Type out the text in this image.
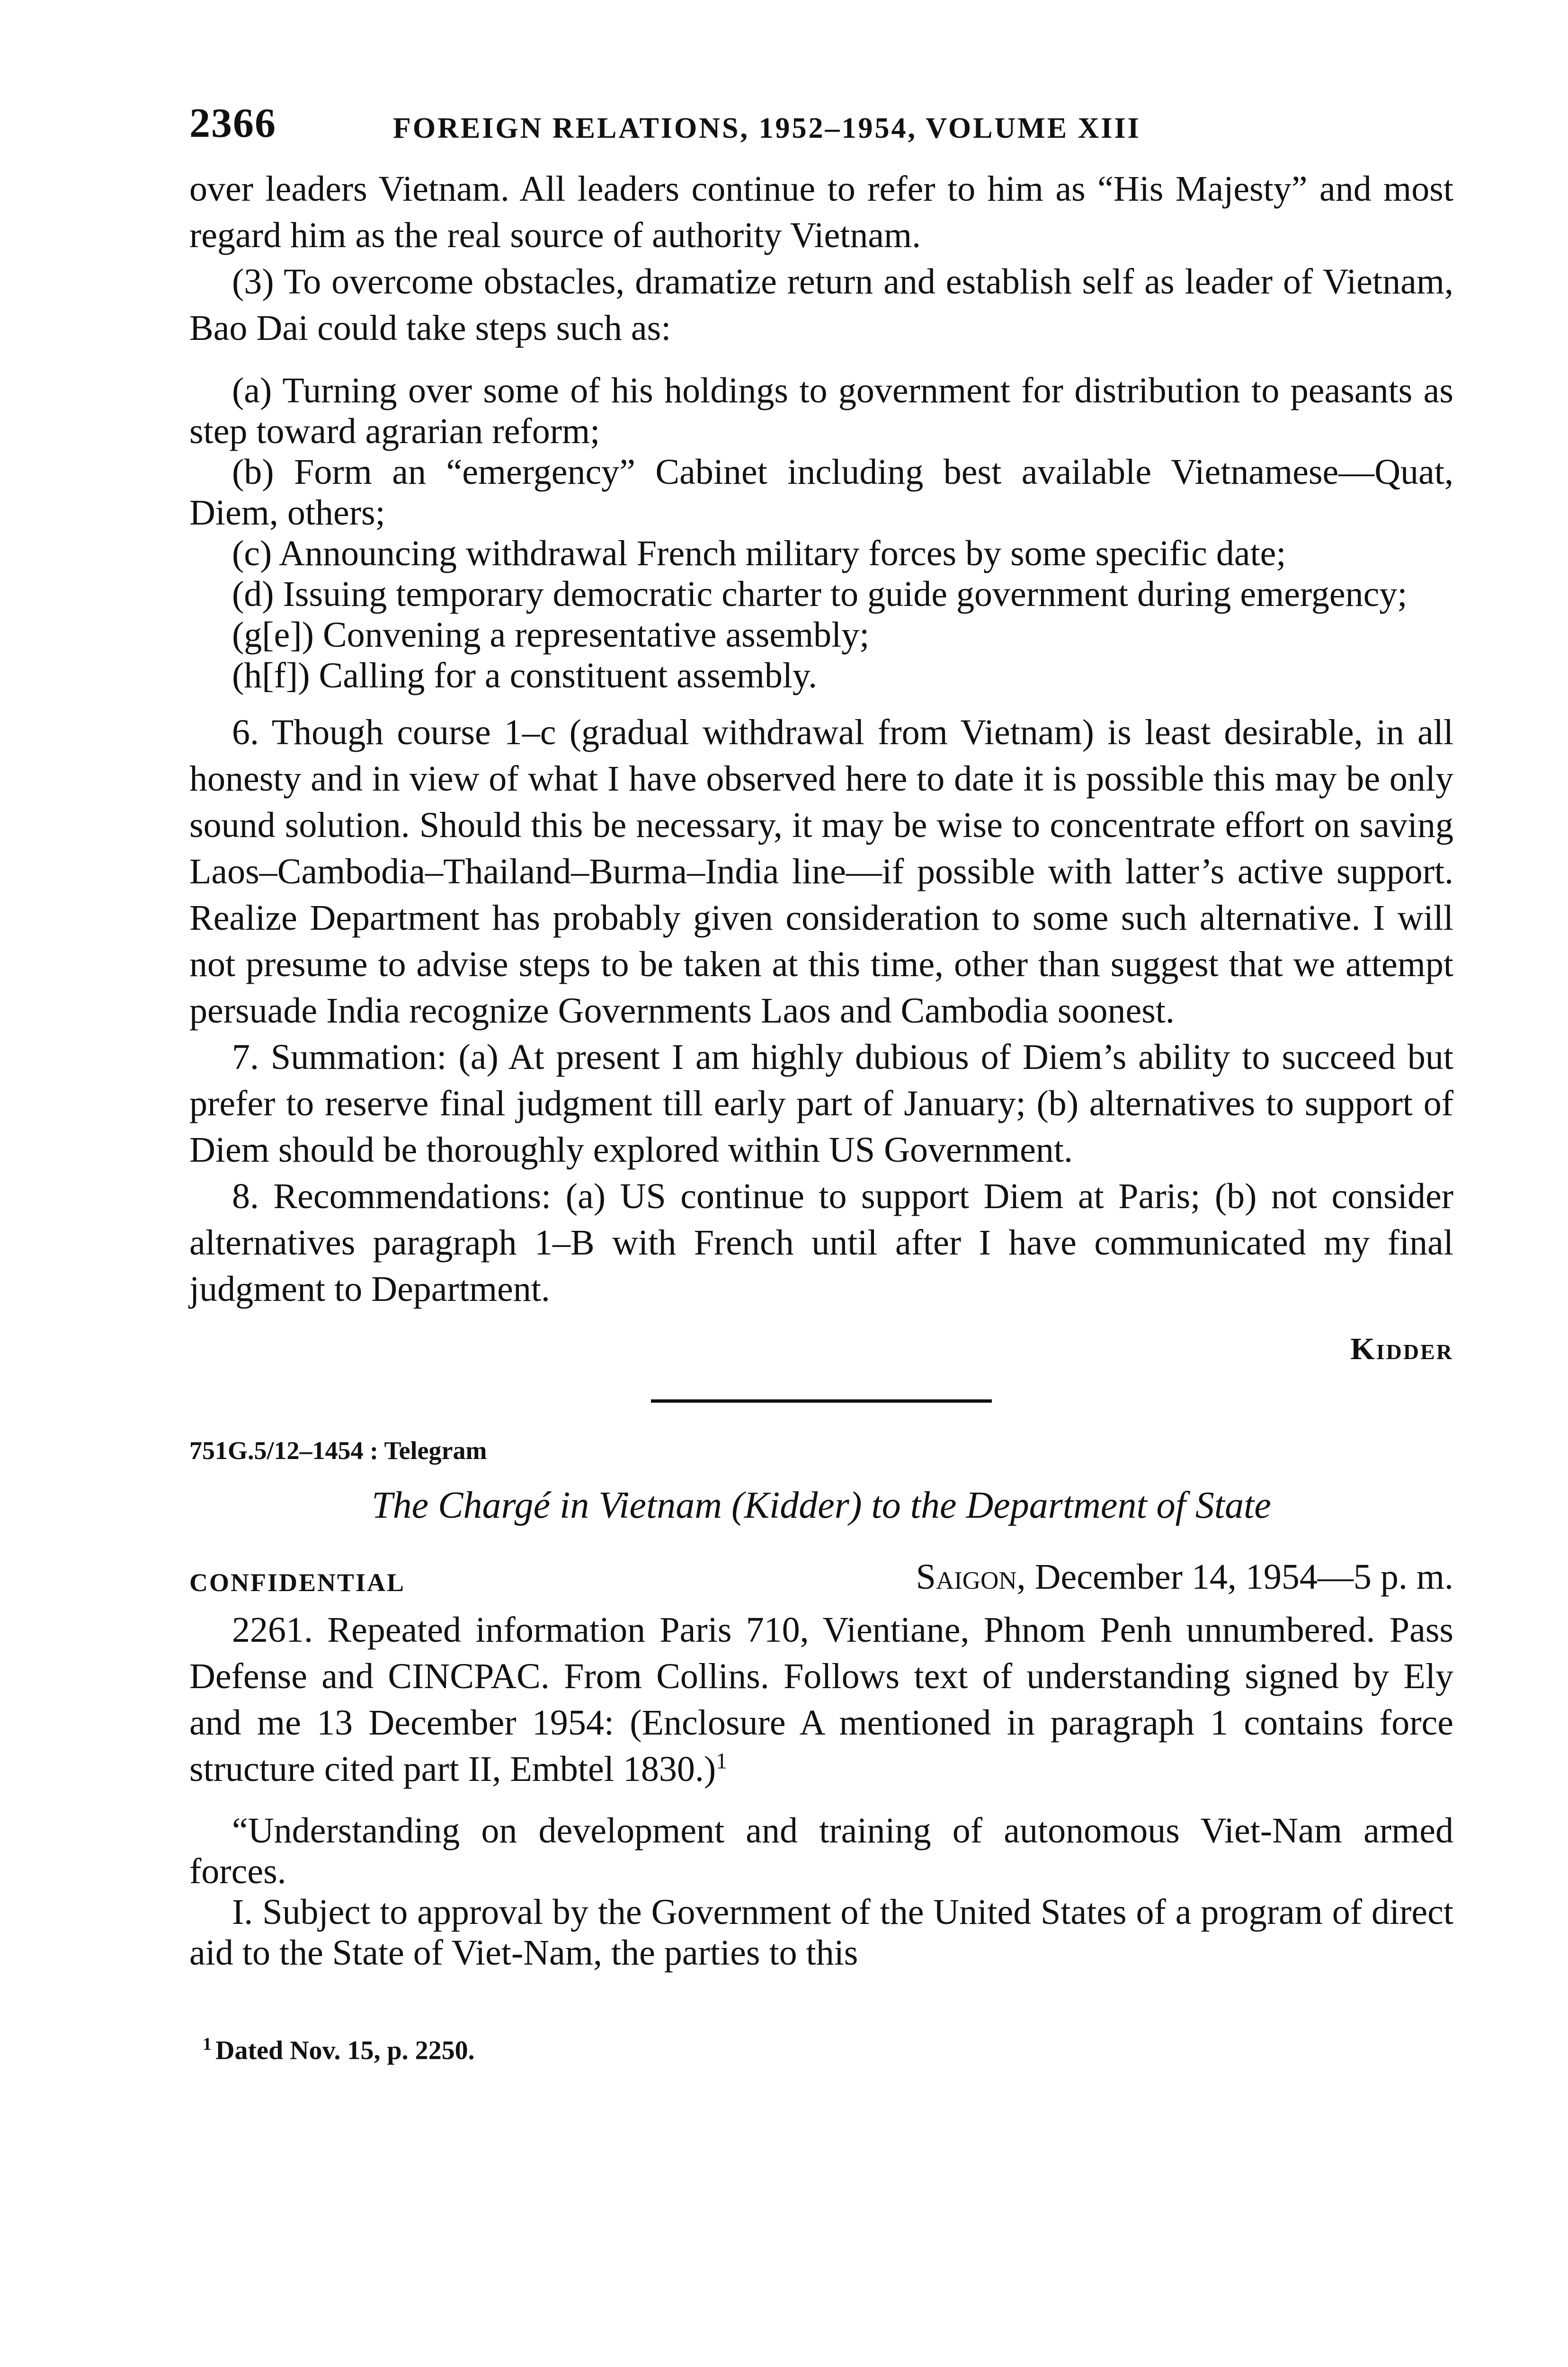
2366	FOREIGN RELATIONS, 1952–1954, VOLUME XIII

over leaders Vietnam. All leaders continue to refer to him as “His Majesty” and most regard him as the real source of authority Vietnam.

(3) To overcome obstacles, dramatize return and establish self as leader of Vietnam, Bao Dai could take steps such as:

(a) Turning over some of his holdings to government for distribution to peasants as step toward agrarian reform;

(b) Form an “emergency” Cabinet including best available Vietnamese—Quat, Diem, others;

(c) Announcing withdrawal French military forces by some specific date;

(d) Issuing temporary democratic charter to guide government during emergency;

(g[e]) Convening a representative assembly;

(h[f]) Calling for a constituent assembly.

6. Though course 1–c (gradual withdrawal from Vietnam) is least desirable, in all honesty and in view of what I have observed here to date it is possible this may be only sound solution. Should this be necessary, it may be wise to concentrate effort on saving Laos–Cambodia–Thailand–Burma–India line—if possible with latter’s active support. Realize Department has probably given consideration to some such alternative. I will not presume to advise steps to be taken at this time, other than suggest that we attempt persuade India recognize Governments Laos and Cambodia soonest.

7. Summation: (a) At present I am highly dubious of Diem’s ability to succeed but prefer to reserve final judgment till early part of January; (b) alternatives to support of Diem should be thoroughly explored within US Government.

8. Recommendations: (a) US continue to support Diem at Paris; (b) not consider alternatives paragraph 1–B with French until after I have communicated my final judgment to Department.

Kidder

751G.5/12–1454 : Telegram

The Chargé in Vietnam (Kidder) to the Department of State

CONFIDENTIAL	Saigon, December 14, 1954—5 p. m.

2261. Repeated information Paris 710, Vientiane, Phnom Penh unnumbered. Pass Defense and CINCPAC. From Collins. Follows text of understanding signed by Ely and me 13 December 1954: (Enclosure A mentioned in paragraph 1 contains force structure cited part II, Embtel 1830.)$^1$

“Understanding on development and training of autonomous Viet-Nam armed forces.

I. Subject to approval by the Government of the United States of a program of direct aid to the State of Viet-Nam, the parties to this

$^1$ Dated Nov. 15, p. 2250.
